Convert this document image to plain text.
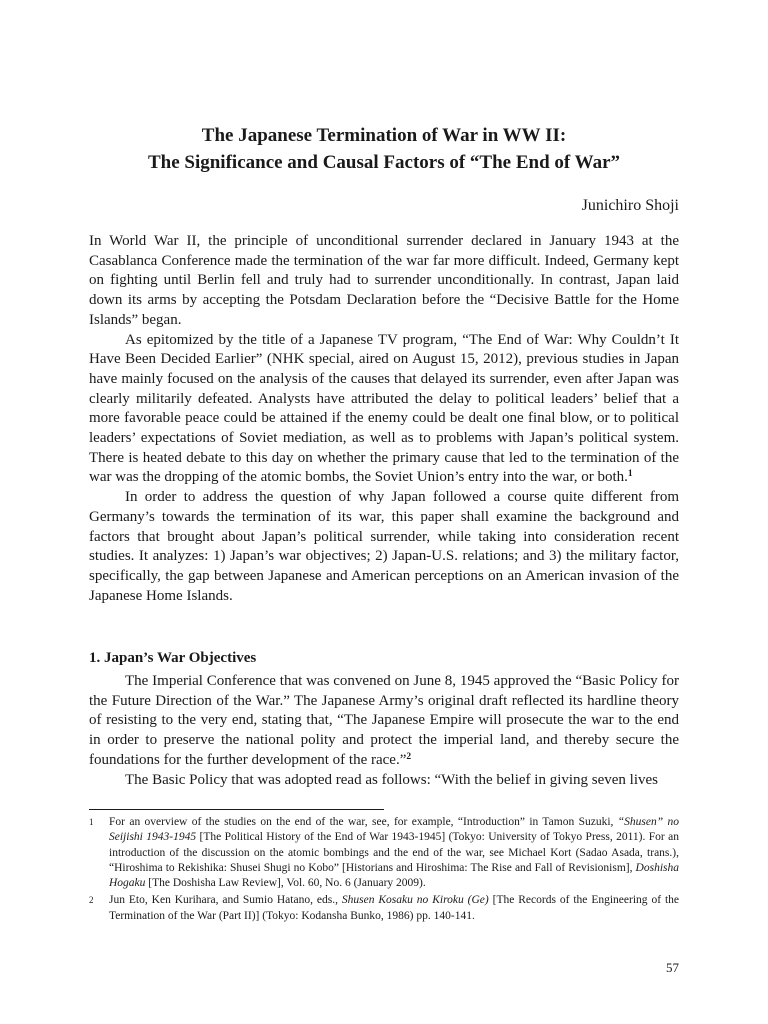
The Japanese Termination of War in WW II:
The Significance and Causal Factors of “The End of War”
Junichiro Shoji

In World War II, the principle of unconditional surrender declared in January 1943 at the Casablanca Conference made the termination of the war far more difficult. Indeed, Germany kept on fighting until Berlin fell and truly had to surrender unconditionally. In contrast, Japan laid down its arms by accepting the Potsdam Declaration before the “Decisive Battle for the Home Islands” began.

As epitomized by the title of a Japanese TV program, “The End of War: Why Couldn’t It Have Been Decided Earlier” (NHK special, aired on August 15, 2012), previous studies in Japan have mainly focused on the analysis of the causes that delayed its surrender, even after Japan was clearly militarily defeated. Analysts have attributed the delay to political leaders’ belief that a more favorable peace could be attained if the enemy could be dealt one final blow, or to political leaders’ expectations of Soviet mediation, as well as to problems with Japan’s political system. There is heated debate to this day on whether the primary cause that led to the termination of the war was the dropping of the atomic bombs, the Soviet Union’s entry into the war, or both.$^1$

In order to address the question of why Japan followed a course quite different from Germany’s towards the termination of its war, this paper shall examine the background and factors that brought about Japan’s political surrender, while taking into consideration recent studies. It analyzes: 1) Japan’s war objectives; 2) Japan-U.S. relations; and 3) the military factor, specifically, the gap between Japanese and American perceptions on an American invasion of the Japanese Home Islands.

1. Japan’s War Objectives

The Imperial Conference that was convened on June 8, 1945 approved the “Basic Policy for the Future Direction of the War.” The Japanese Army’s original draft reflected its hardline theory of resisting to the very end, stating that, “The Japanese Empire will prosecute the war to the end in order to preserve the national polity and protect the imperial land, and thereby secure the foundations for the further development of the race.”$^2$

The Basic Policy that was adopted read as follows: “With the belief in giving seven lives

1 For an overview of the studies on the end of the war, see, for example, “Introduction” in Tamon Suzuki, “Shusen” no Seijishi 1943-1945 [The Political History of the End of War 1943-1945] (Tokyo: University of Tokyo Press, 2011). For an introduction of the discussion on the atomic bombings and the end of the war, see Michael Kort (Sadao Asada, trans.), “Hiroshima to Rekishika: Shusei Shugi no Kobo” [Historians and Hiroshima: The Rise and Fall of Revisionism], Doshisha Hogaku [The Doshisha Law Review], Vol. 60, No. 6 (January 2009).
2 Jun Eto, Ken Kurihara, and Sumio Hatano, eds., Shusen Kosaku no Kiroku (Ge) [The Records of the Engineering of the Termination of the War (Part II)] (Tokyo: Kodansha Bunko, 1986) pp. 140-141.
57
